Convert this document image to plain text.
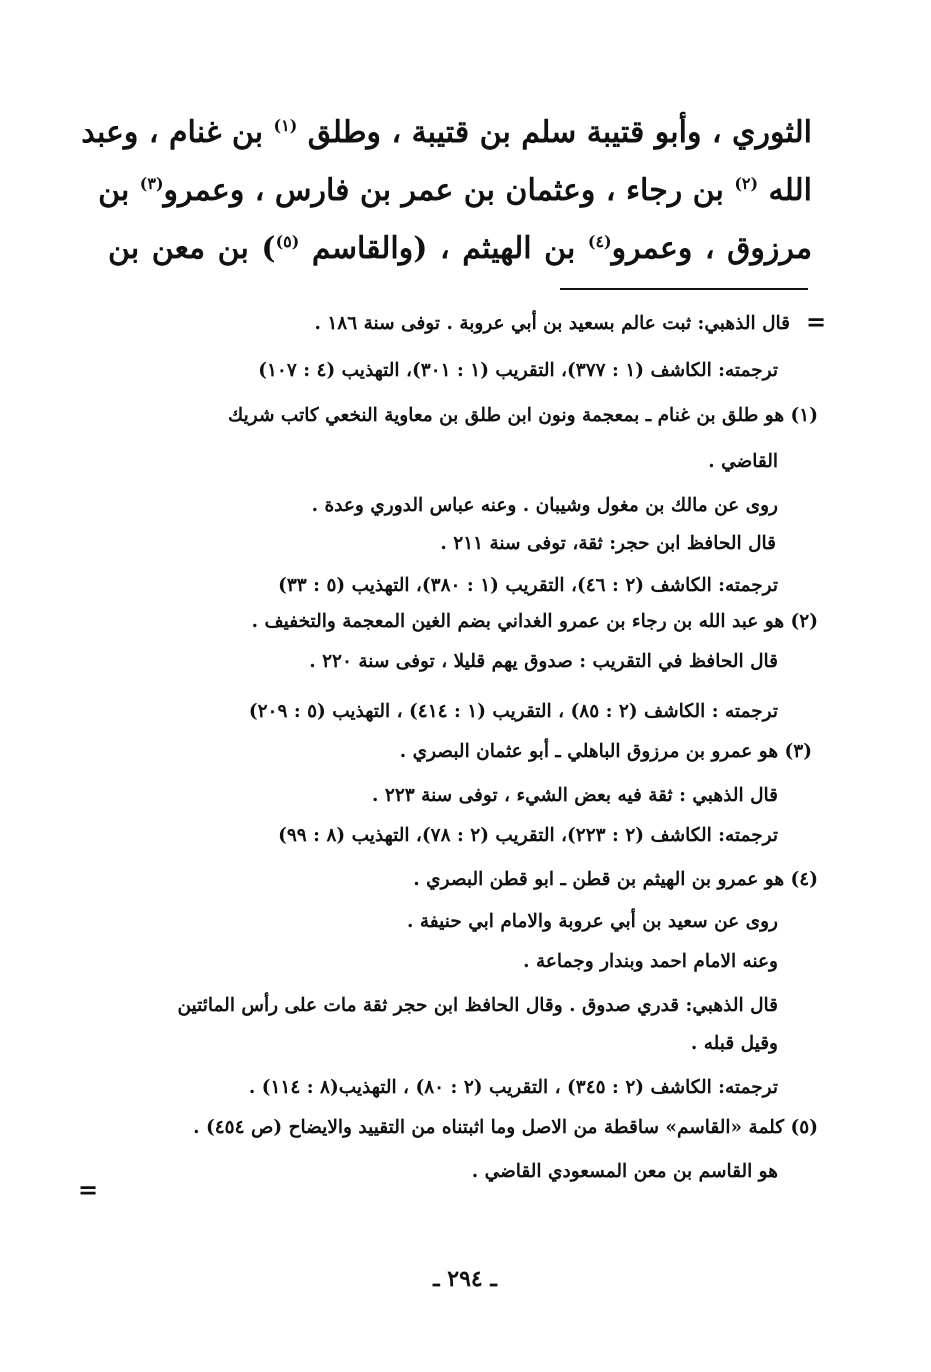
الثوري ، وأبو قتيبة سلم بن قتيبة ، وطلق $^{(١)}$ بن غنام ، وعبد
الله $^{(٢)}$ بن رجاء ، وعثمان بن عمر بن فارس ، وعمرو$^{(٣)}$ بن
مرزوق ، وعمرو$^{(٤)}$ بن الهيثم ، (والقاسم $^{(٥)}$) بن معن بن
=
=
قال الذهبي: ثبت عالم بسعيد بن أبي عروبة . توفى سنة ١٨٦ .
ترجمته: الكاشف (١ : ٣٧٧)، التقريب (١ : ٣٠١)، التهذيب (٤ : ١٠٧)
(١) هو طلق بن غنام ـ بمعجمة ونون ابن طلق بن معاوية النخعي كاتب شريك
القاضي .
روى عن مالك بن مغول وشيبان . وعنه عباس الدوري وعدة .
قال الحافظ ابن حجر: ثقة، توفى سنة ٢١١ .
ترجمته: الكاشف (٢ : ٤٦)، التقريب (١ : ٣٨٠)، التهذيب (٥ : ٣٣)
(٢) هو عبد الله بن رجاء بن عمرو الغداني بضم الغين المعجمة والتخفيف .
قال الحافظ في التقريب : صدوق يهم قليلا ، توفى سنة ٢٢٠ .
ترجمته : الكاشف (٢ : ٨٥) ، التقريب (١ : ٤١٤) ، التهذيب (٥ : ٢٠٩)
(٣) هو عمرو بن مرزوق الباهلي ـ أبو عثمان البصري .
قال الذهبي : ثقة فيه بعض الشيء ، توفى سنة ٢٢٣ .
ترجمته: الكاشف (٢ : ٢٢٣)، التقريب (٢ : ٧٨)، التهذيب (٨ : ٩٩)
(٤) هو عمرو بن الهيثم بن قطن ـ ابو قطن البصري .
روى عن سعيد بن أبي عروبة والامام ابي حنيفة .
وعنه الامام احمد وبندار وجماعة .
قال الذهبي: قدري صدوق . وقال الحافظ ابن حجر ثقة مات على رأس المائتين
وقيل قبله .
ترجمته: الكاشف (٢ : ٣٤٥) ، التقريب (٢ : ٨٠) ، التهذيب(٨ : ١١٤) .
(٥) كلمة «القاسم» ساقطة من الاصل وما اثبتناه من التقييد والايضاح (ص ٤٥٤) .
هو القاسم بن معن المسعودي القاضي .
ـ ٢٩٤ ـ
